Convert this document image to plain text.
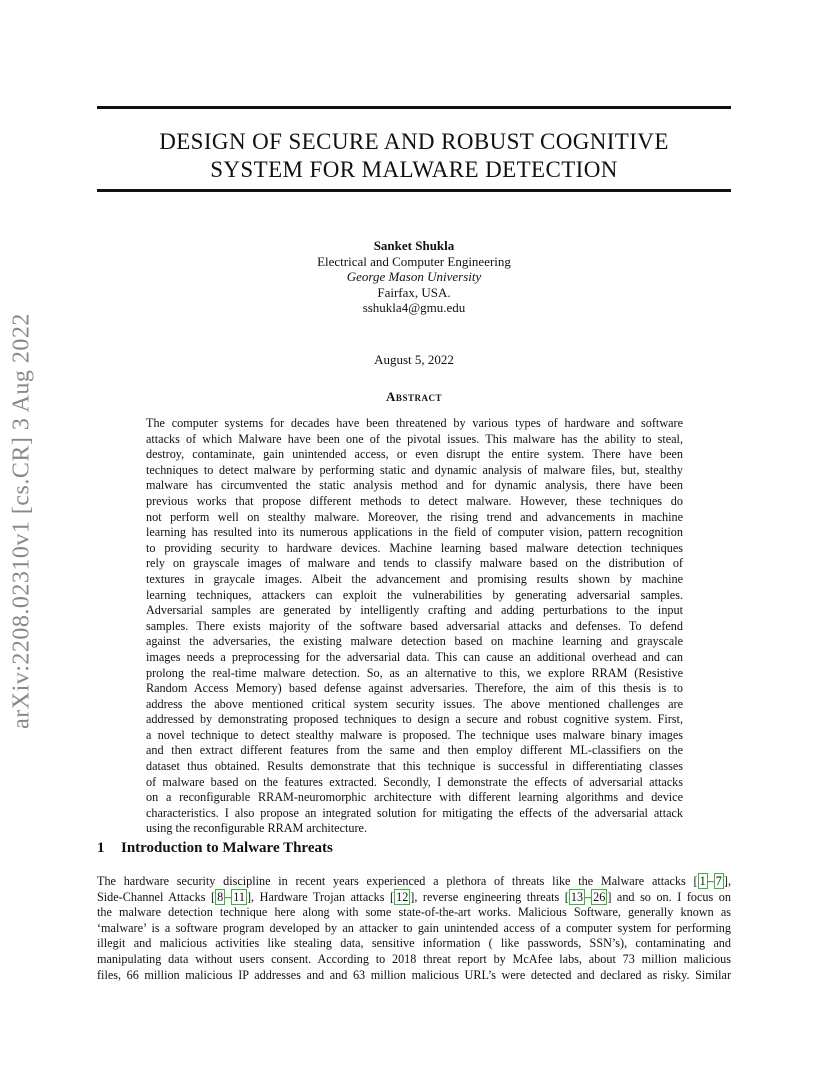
arXiv:2208.02310v1 [cs.CR] 3 Aug 2022
DESIGN OF SECURE AND ROBUST COGNITIVE
SYSTEM FOR MALWARE DETECTION
Sanket Shukla
Electrical and Computer Engineering
George Mason University
Fairfax, USA.
sshukla4@gmu.edu
August 5, 2022
Abstract
The computer systems for decades have been threatened by various types of hardware and software
attacks of which Malware have been one of the pivotal issues. This malware has the ability to steal,
destroy, contaminate, gain unintended access, or even disrupt the entire system. There have been
techniques to detect malware by performing static and dynamic analysis of malware files, but, stealthy
malware has circumvented the static analysis method and for dynamic analysis, there have been
previous works that propose different methods to detect malware. However, these techniques do
not perform well on stealthy malware. Moreover, the rising trend and advancements in machine
learning has resulted into its numerous applications in the field of computer vision, pattern recognition
to providing security to hardware devices. Machine learning based malware detection techniques
rely on grayscale images of malware and tends to classify malware based on the distribution of
textures in graycale images. Albeit the advancement and promising results shown by machine
learning techniques, attackers can exploit the vulnerabilities by generating adversarial samples.
Adversarial samples are generated by intelligently crafting and adding perturbations to the input
samples. There exists majority of the software based adversarial attacks and defenses. To defend
against the adversaries, the existing malware detection based on machine learning and grayscale
images needs a preprocessing for the adversarial data. This can cause an additional overhead and can
prolong the real-time malware detection. So, as an alternative to this, we explore RRAM (Resistive
Random Access Memory) based defense against adversaries. Therefore, the aim of this thesis is to
address the above mentioned critical system security issues. The above mentioned challenges are
addressed by demonstrating proposed techniques to design a secure and robust cognitive system. First,
a novel technique to detect stealthy malware is proposed. The technique uses malware binary images
and then extract different features from the same and then employ different ML-classifiers on the
dataset thus obtained. Results demonstrate that this technique is successful in differentiating classes
of malware based on the features extracted. Secondly, I demonstrate the effects of adversarial attacks
on a reconfigurable RRAM-neuromorphic architecture with different learning algorithms and device
characteristics. I also propose an integrated solution for mitigating the effects of the adversarial attack
using the reconfigurable RRAM architecture.
1 Introduction to Malware Threats
The hardware security discipline in recent years experienced a plethora of threats like the Malware attacks [ 1 – 7 ],
Side-Channel Attacks [ 8 – 11 ], Hardware Trojan attacks [ 12 ], reverse engineering threats [ 13 – 26 ] and so on. I focus on
the malware detection technique here along with some state-of-the-art works. Malicious Software, generally known as
‘malware’ is a software program developed by an attacker to gain unintended access of a computer system for performing
illegit and malicious activities like stealing data, sensitive information ( like passwords, SSN’s), contaminating and
manipulating data without users consent. According to 2018 threat report by McAfee labs, about 73 million malicious
files, 66 million malicious IP addresses and and 63 million malicious URL’s were detected and declared as risky. Similar
